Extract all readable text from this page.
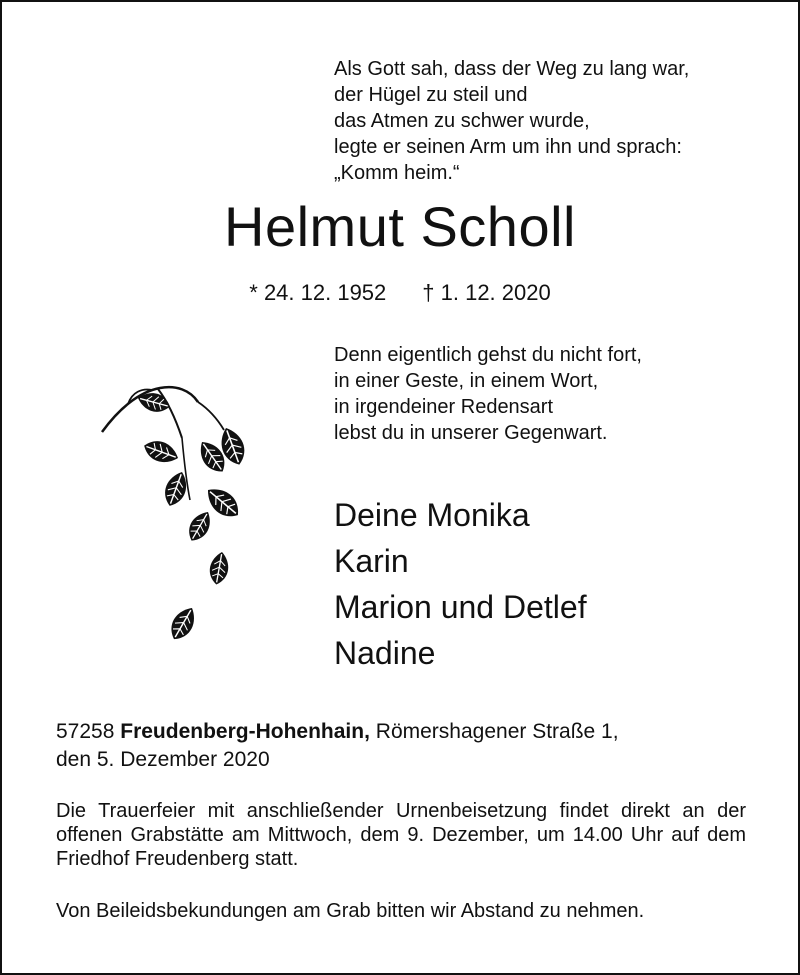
Als Gott sah, dass der Weg zu lang war,
der Hügel zu steil und
das Atmen zu schwer wurde,
legte er seinen Arm um ihn und sprach:
„Komm heim.“
Helmut Scholl
* 24. 12. 1952 † 1. 12. 2020
Denn eigentlich gehst du nicht fort,
in einer Geste, in einem Wort,
in irgendeiner Redensart
lebst du in unserer Gegenwart.
Deine Monika
Karin
Marion und Detlef
Nadine
57258 Freudenberg-Hohenhain, Römershagener Straße 1,
den 5. Dezember 2020
Die Trauerfeier mit anschließender Urnenbeisetzung findet direkt an der offenen Grabstätte am Mittwoch, dem 9. Dezember, um 14.00 Uhr auf dem Friedhof Freudenberg statt.
Von Beileidsbekundungen am Grab bitten wir Abstand zu nehmen.
